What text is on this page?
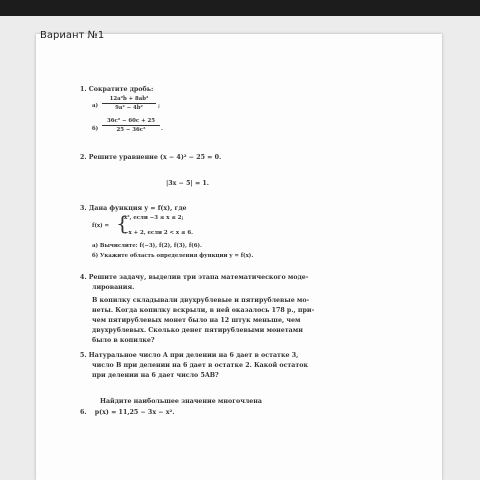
Вариант №1
1. Сократите дробь:
а)
12a²b + 8ab²
9a² − 4b²	;
б)
36c² − 60c + 25
25 − 36c²	.
2. Решите уравнение (x − 4)² − 25 = 0.
|3x − 5| = 1.
3. Дана функция y = f(x), где
f(x) = {
x², если −3 ≤ x ≤ 2;
−x + 2, если 2 < x ≤ 6.
а) Вычислите: f(−3), f(2), f(3), f(6).
б) Укажите область определения функции y = f(x).
4. Решите задачу, выделив три этапа математического моде-
лирования.
В копилку складывали двухрублевые и пятирублевые мо-
неты. Когда копилку вскрыли, в ней оказалось 178 р., при-
чем пятирублевых монет было на 12 штук меньше, чем
двухрублевых. Сколько денег пятирублевыми монетами
было в копилке?
5. Натуральное число A при делении на 6 дает в остатке 3,
число B при делении на 6 дает в остатке 2. Какой остаток
при делении на 6 дает число 5AB?
Найдите наибольшее значение многочлена
6. p(x) = 11,25 − 3x − x².
